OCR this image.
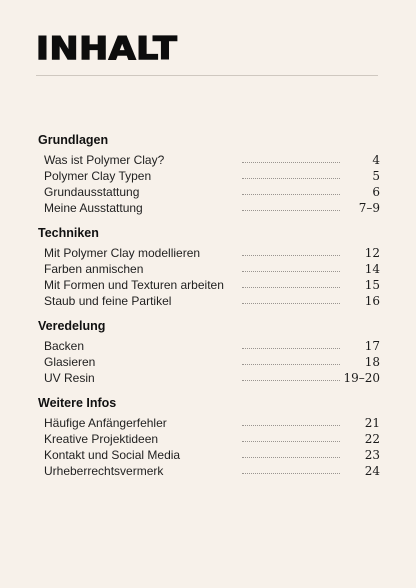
INHALT
Grundlagen
Was ist Polymer Clay?	4
Polymer Clay Typen	5
Grundausstattung	6
Meine Ausstattung	7–9
Techniken
Mit Polymer Clay modellieren	12
Farben anmischen	14
Mit Formen und Texturen arbeiten	15
Staub und feine Partikel	16
Veredelung
Backen	17
Glasieren	18
UV Resin	19–20
Weitere Infos
Häufige Anfängerfehler	21
Kreative Projektideen	22
Kontakt und Social Media	23
Urheberrechtsvermerk	24
